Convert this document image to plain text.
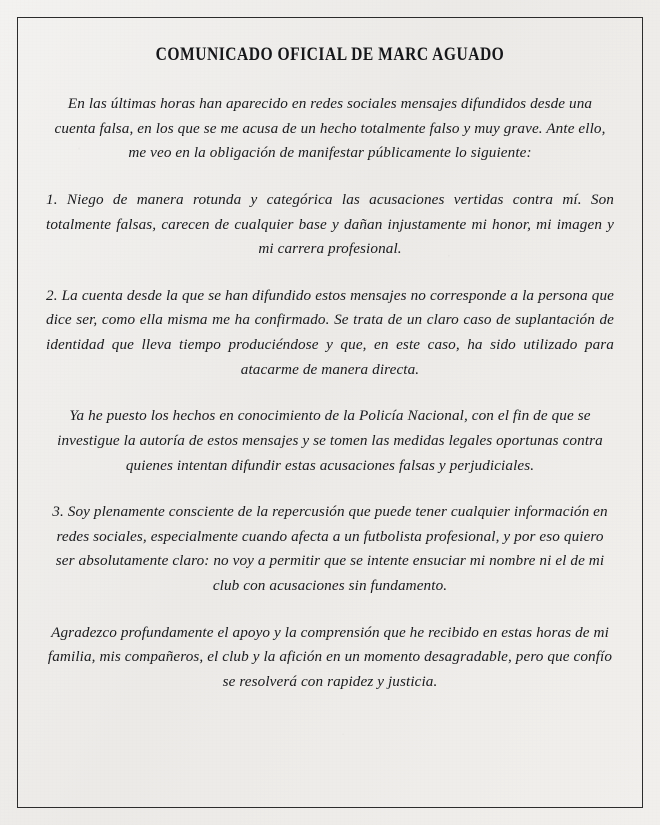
COMUNICADO OFICIAL DE MARC AGUADO

En las últimas horas han aparecido en redes sociales mensajes difundidos desde una cuenta falsa, en los que se me acusa de un hecho totalmente falso y muy grave. Ante ello, me veo en la obligación de manifestar públicamente lo siguiente:

1. Niego de manera rotunda y categórica las acusaciones vertidas contra mí. Son totalmente falsas, carecen de cualquier base y dañan injustamente mi honor, mi imagen y mi carrera profesional.

2. La cuenta desde la que se han difundido estos mensajes no corresponde a la persona que dice ser, como ella misma me ha confirmado. Se trata de un claro caso de suplantación de identidad que lleva tiempo produciéndose y que, en este caso, ha sido utilizado para atacarme de manera directa.

Ya he puesto los hechos en conocimiento de la Policía Nacional, con el fin de que se investigue la autoría de estos mensajes y se tomen las medidas legales oportunas contra quienes intentan difundir estas acusaciones falsas y perjudiciales.

3. Soy plenamente consciente de la repercusión que puede tener cualquier información en redes sociales, especialmente cuando afecta a un futbolista profesional, y por eso quiero ser absolutamente claro: no voy a permitir que se intente ensuciar mi nombre ni el de mi club con acusaciones sin fundamento.

Agradezco profundamente el apoyo y la comprensión que he recibido en estas horas de mi familia, mis compañeros, el club y la afición en un momento desagradable, pero que confío se resolverá con rapidez y justicia.
